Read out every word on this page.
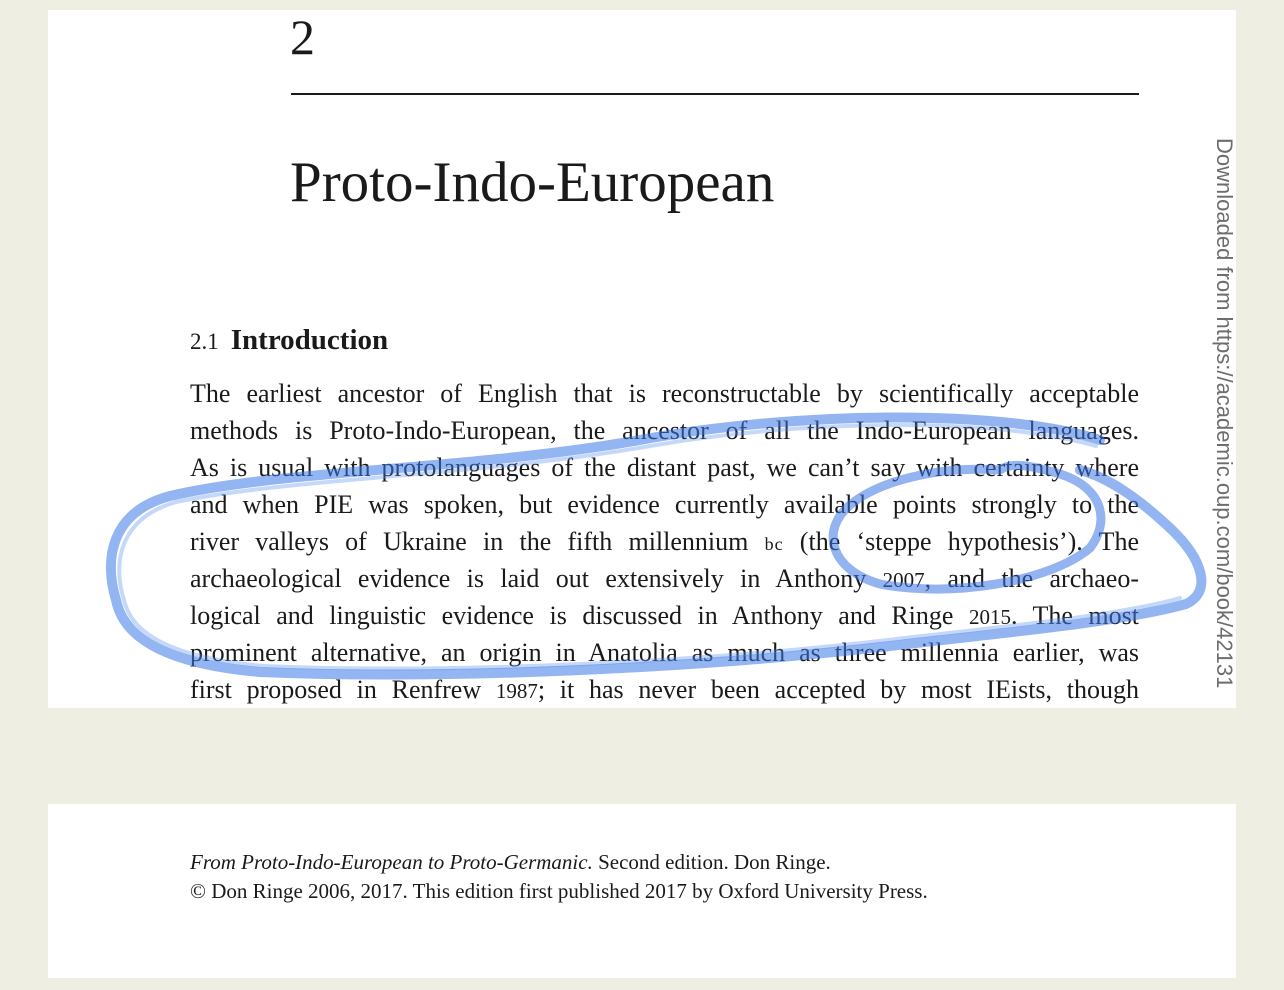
2
Proto-Indo-European
2.1 Introduction
The earliest ancestor of English that is reconstructable by scientifically acceptable
methods is Proto-Indo-European, the ancestor of all the Indo-European languages.
As is usual with protolanguages of the distant past, we can’t say with certainty where
and when PIE was spoken, but evidence currently available points strongly to the
river valleys of Ukraine in the fifth millennium bc (the ‘steppe hypothesis’). The
archaeological evidence is laid out extensively in Anthony 2007, and the archaeo-
logical and linguistic evidence is discussed in Anthony and Ringe 2015. The most
prominent alternative, an origin in Anatolia as much as three millennia earlier, was
first proposed in Renfrew 1987; it has never been accepted by most IEists, though
Downloaded from https://academic.oup.com/book/42131
From Proto-Indo-European to Proto-Germanic. Second edition. Don Ringe.
© Don Ringe 2006, 2017. This edition first published 2017 by Oxford University Press.
